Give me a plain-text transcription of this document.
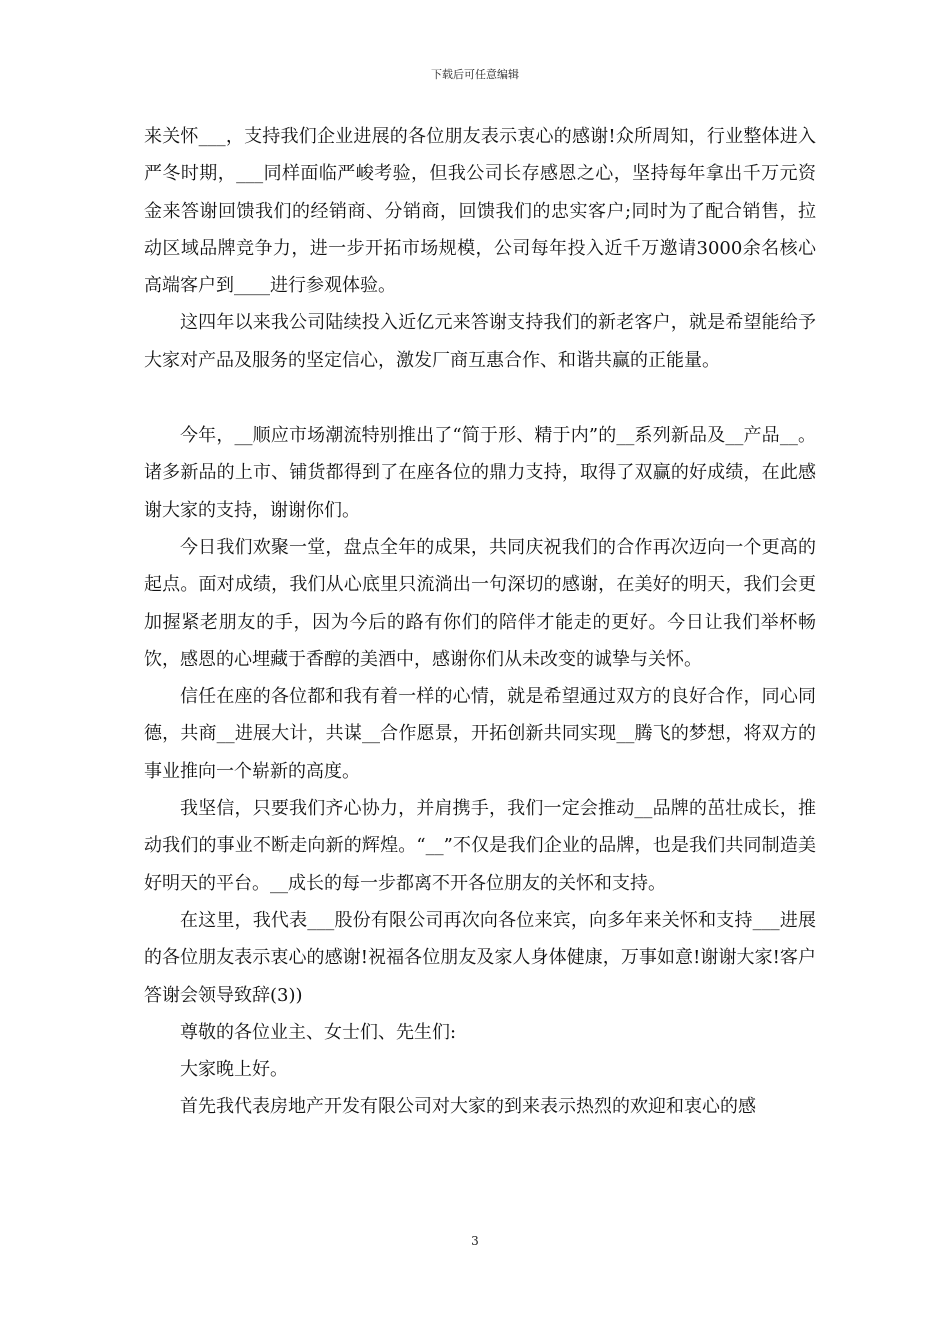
下载后可任意编辑

来关怀___，支持我们企业进展的各位朋友表示衷心的感谢!众所周知，行业整体进入严冬时期，___同样面临严峻考验，但我公司长存感恩之心，坚持每年拿出千万元资金来答谢回馈我们的经销商、分销商，回馈我们的忠实客户;同时为了配合销售，拉动区域品牌竞争力，进一步开拓市场规模，公司每年投入近千万邀请3000余名核心高端客户到____进行参观体验。

这四年以来我公司陆续投入近亿元来答谢支持我们的新老客户，就是希望能给予大家对产品及服务的坚定信心，激发厂商互惠合作、和谐共赢的正能量。

今年，__顺应市场潮流特别推出了“简于形、精于内”的__系列新品及__产品__。诸多新品的上市、铺货都得到了在座各位的鼎力支持，取得了双赢的好成绩，在此感谢大家的支持，谢谢你们。

今日我们欢聚一堂，盘点全年的成果，共同庆祝我们的合作再次迈向一个更高的起点。面对成绩，我们从心底里只流淌出一句深切的感谢，在美好的明天，我们会更加握紧老朋友的手，因为今后的路有你们的陪伴才能走的更好。今日让我们举杯畅饮，感恩的心埋藏于香醇的美酒中，感谢你们从未改变的诚挚与关怀。

信任在座的各位都和我有着一样的心情，就是希望通过双方的良好合作，同心同德，共商__进展大计，共谋__合作愿景，开拓创新共同实现__腾飞的梦想，将双方的事业推向一个崭新的高度。

我坚信，只要我们齐心协力，并肩携手，我们一定会推动__品牌的茁壮成长，推动我们的事业不断走向新的辉煌。“__”不仅是我们企业的品牌，也是我们共同制造美好明天的平台。__成长的每一步都离不开各位朋友的关怀和支持。

在这里，我代表___股份有限公司再次向各位来宾，向多年来关怀和支持___进展的各位朋友表示衷心的感谢!祝福各位朋友及家人身体健康，万事如意!谢谢大家!客户答谢会领导致辞(3))

尊敬的各位业主、女士们、先生们:

大家晚上好。

首先我代表房地产开发有限公司对大家的到来表示热烈的欢迎和衷心的感

3
